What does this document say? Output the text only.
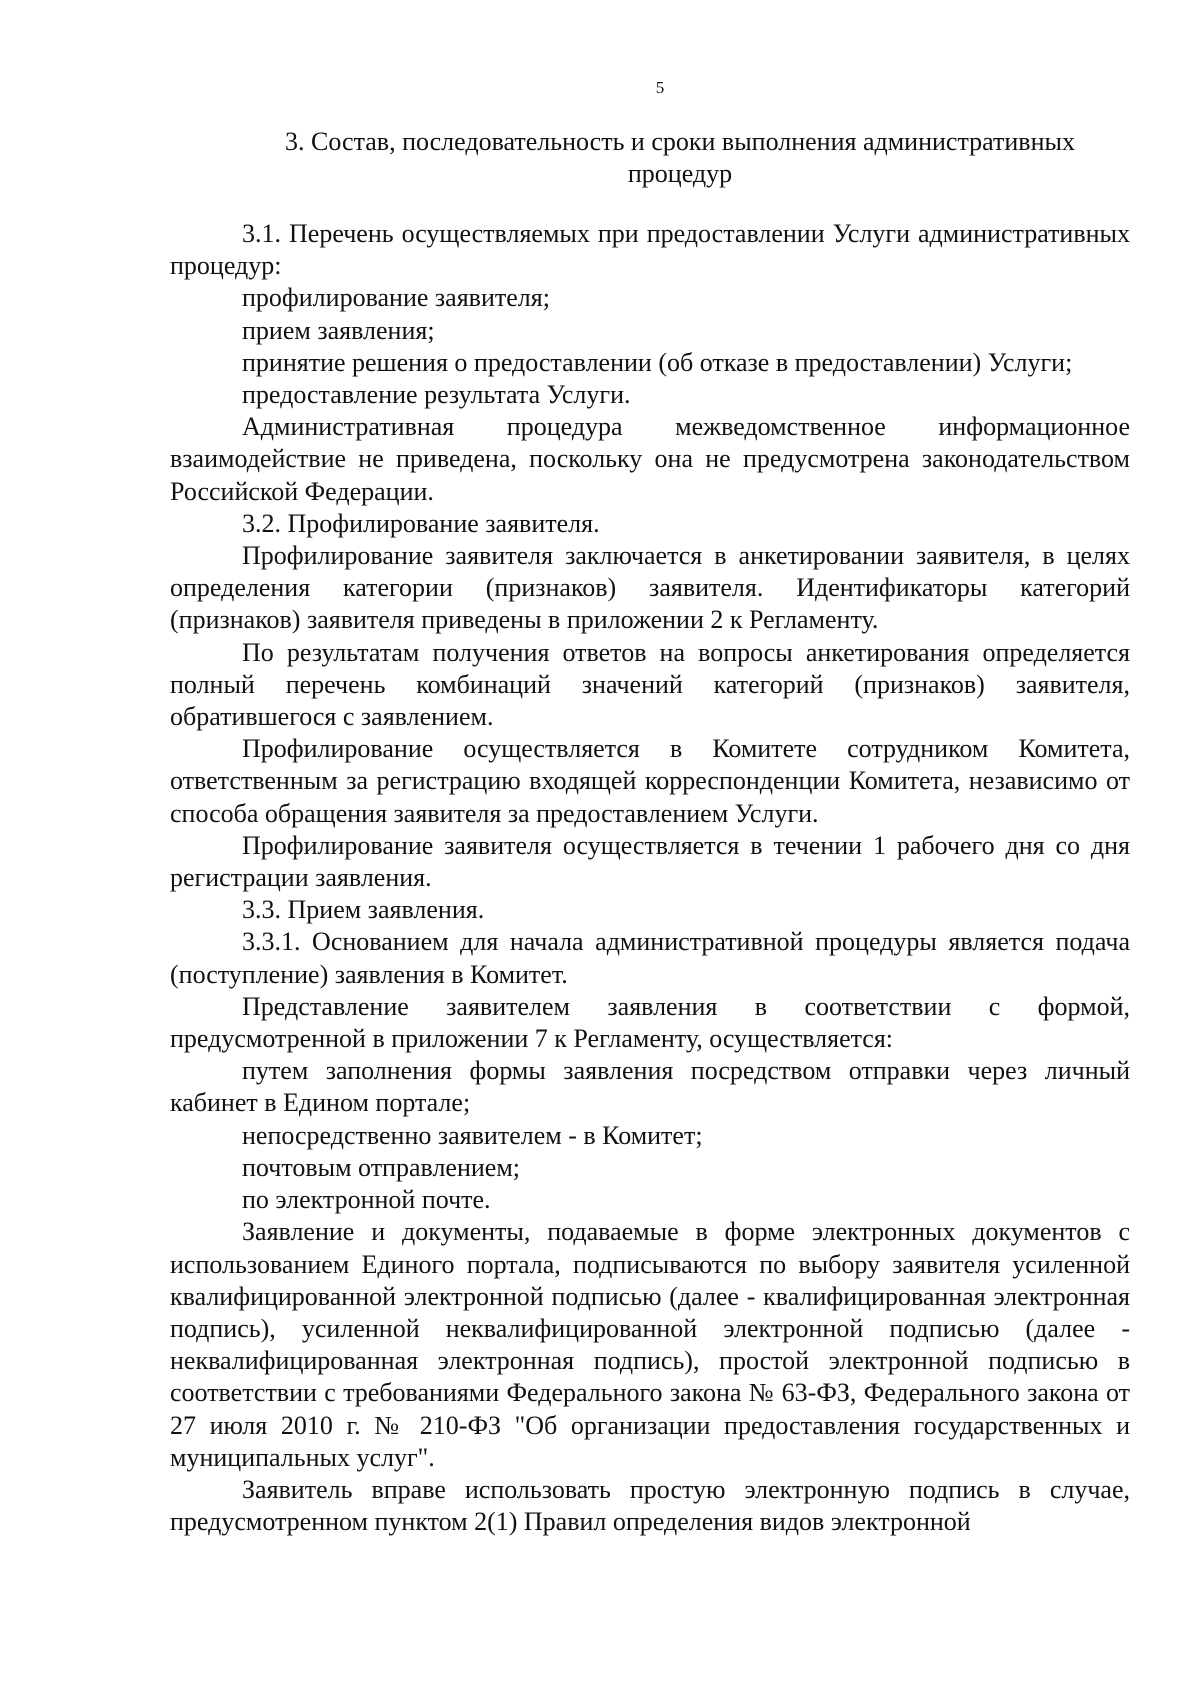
5
3. Состав, последовательность и сроки выполнения административных процедур

3.1. Перечень осуществляемых при предоставлении Услуги административных процедур:

профилирование заявителя;

прием заявления;

принятие решения о предоставлении (об отказе в предоставлении) Услуги;

предоставление результата Услуги.

Административная процедура межведомственное информационное взаимодействие не приведена, поскольку она не предусмотрена законодательством Российской Федерации.

3.2. Профилирование заявителя.

Профилирование заявителя заключается в анкетировании заявителя, в целях определения категории (признаков) заявителя. Идентификаторы категорий (признаков) заявителя приведены в приложении 2 к Регламенту.

По результатам получения ответов на вопросы анкетирования определяется полный перечень комбинаций значений категорий (признаков) заявителя, обратившегося с заявлением.

Профилирование осуществляется в Комитете сотрудником Комитета, ответственным за регистрацию входящей корреспонденции Комитета, независимо от способа обращения заявителя за предоставлением Услуги.

Профилирование заявителя осуществляется в течении 1 рабочего дня со дня регистрации заявления.

3.3. Прием заявления.

3.3.1. Основанием для начала административной процедуры является подача (поступление) заявления в Комитет.

Представление заявителем заявления в соответствии с формой, предусмотренной в приложении 7 к Регламенту, осуществляется:

путем заполнения формы заявления посредством отправки через личный кабинет в Едином портале;

непосредственно заявителем - в Комитет;

почтовым отправлением;

по электронной почте.

Заявление и документы, подаваемые в форме электронных документов с использованием Единого портала, подписываются по выбору заявителя усиленной квалифицированной электронной подписью (далее - квалифицированная электронная подпись), усиленной неквалифицированной электронной подписью (далее - неквалифицированная электронная подпись), простой электронной подписью в соответствии с требованиями Федерального закона № 63-ФЗ, Федерального закона от 27 июля 2010 г. № 210-ФЗ "Об организации предоставления государственных и муниципальных услуг".

Заявитель вправе использовать простую электронную подпись в случае, предусмотренном пунктом 2(1) Правил определения видов электронной
